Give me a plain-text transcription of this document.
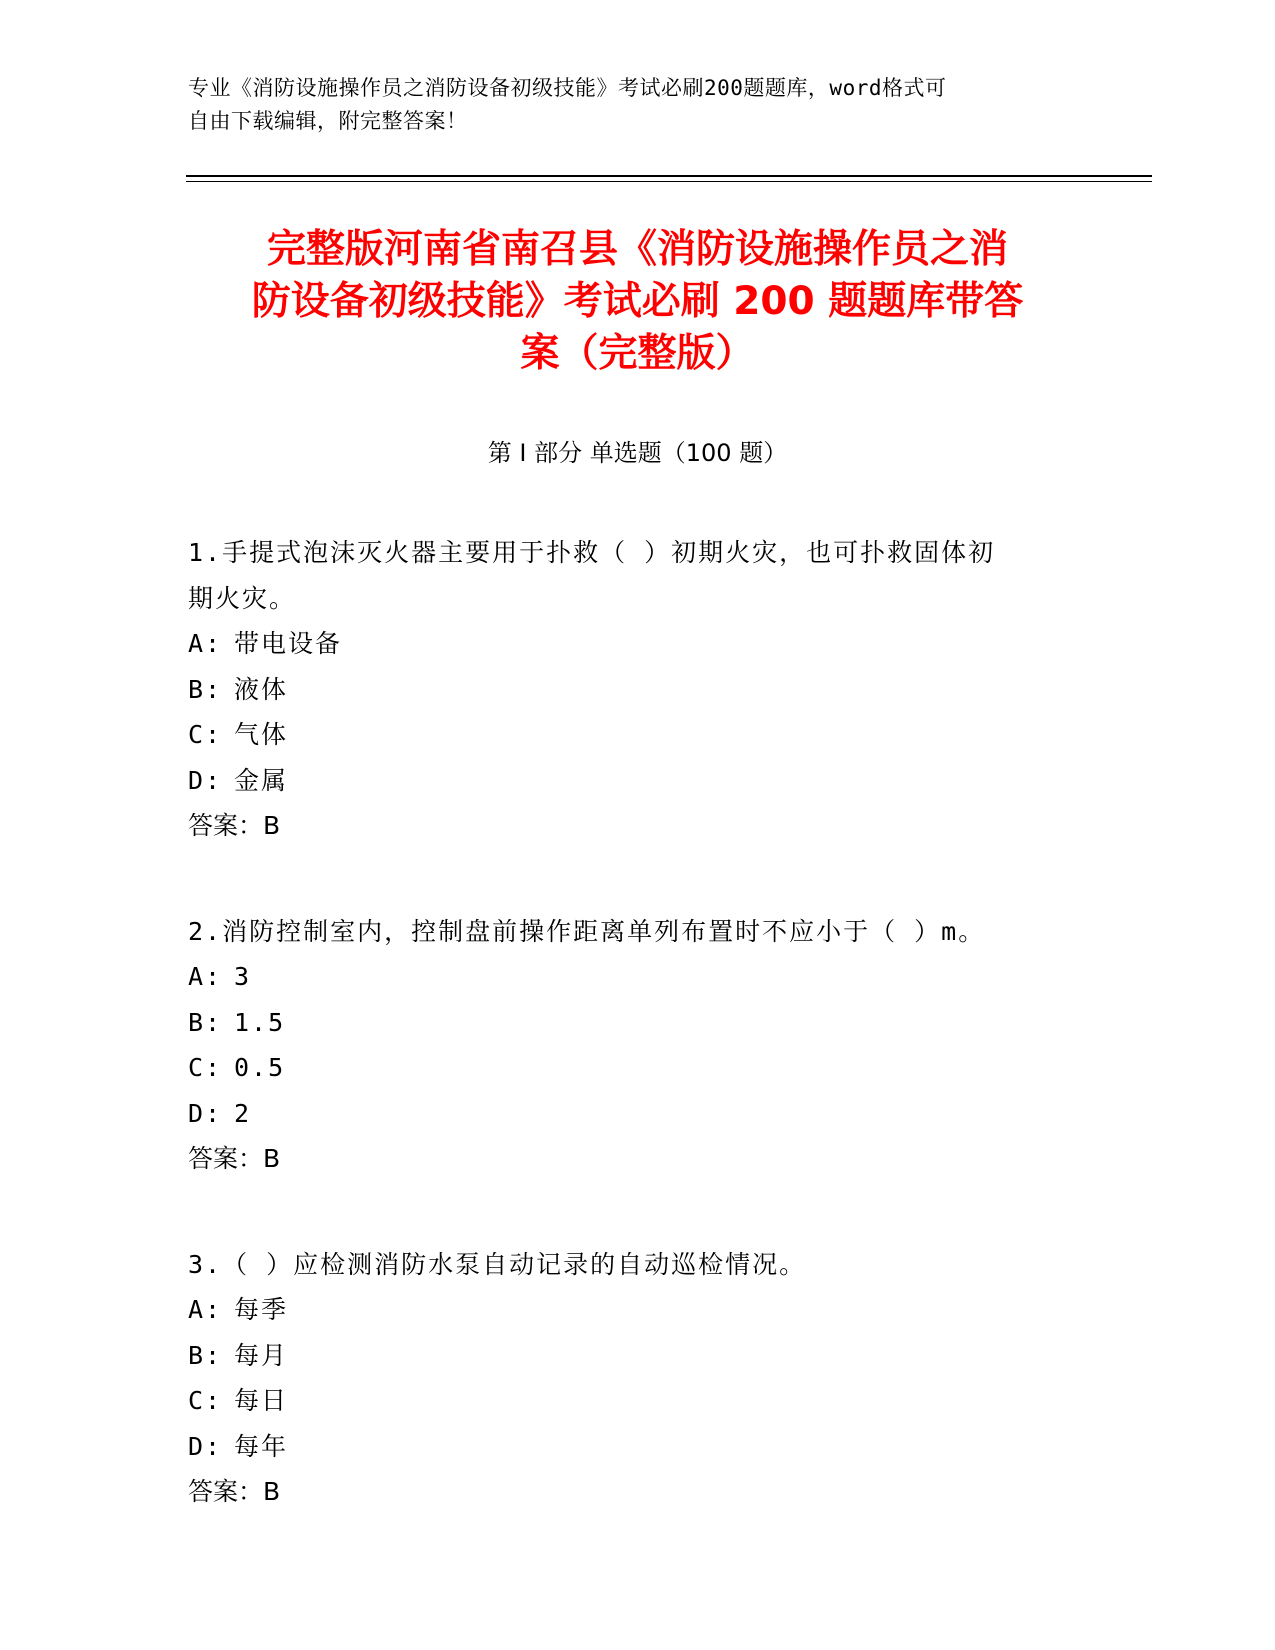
专业《消防设施操作员之消防设备初级技能》考试必刷200题题库，word格式可
自由下载编辑，附完整答案！
完整版河南省南召县《消防设施操作员之消
防设备初级技能》考试必刷 200 题题库带答
案（完整版）
第 I 部分 单选题（100 题）
1.手提式泡沫灭火器主要用于扑救（ ）初期火灾，也可扑救固体初
期火灾。
A: 带电设备
B: 液体
C: 气体
D: 金属
答案：B
2.消防控制室内，控制盘前操作距离单列布置时不应小于（ ）m。
A: 3
B: 1.5
C: 0.5
D: 2
答案：B
3.（ ）应检测消防水泵自动记录的自动巡检情况。
A: 每季
B: 每月
C: 每日
D: 每年
答案：B
